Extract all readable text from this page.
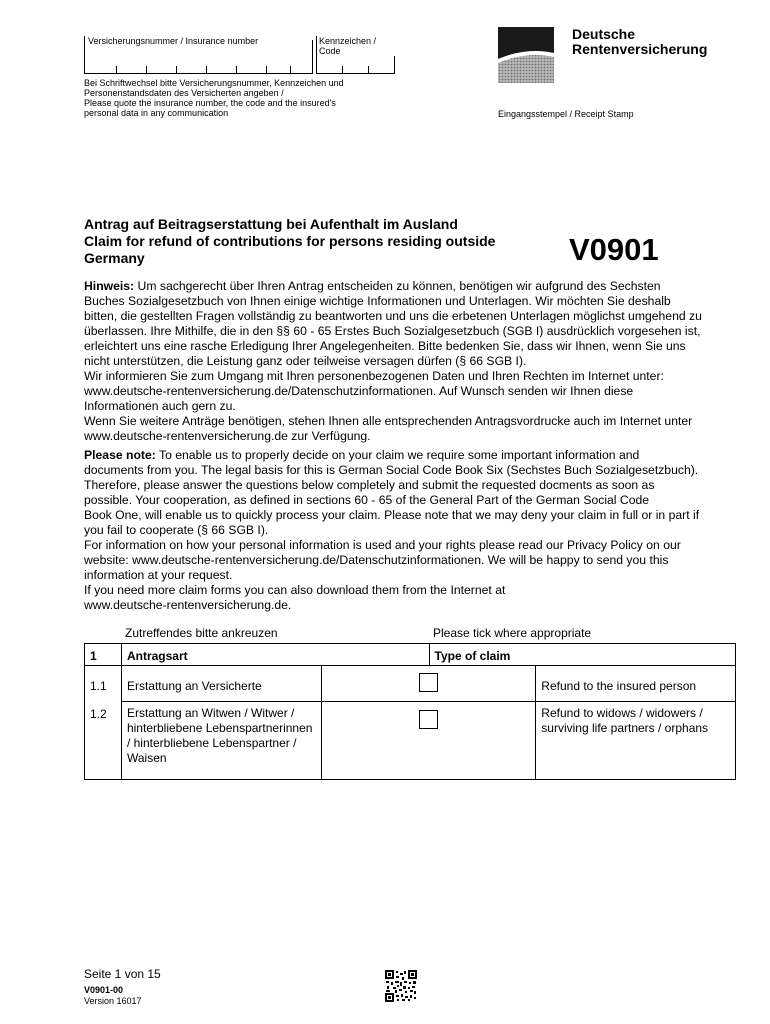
Versicherungsnummer / Insurance number	Kennzeichen / Code
Bei Schriftwechsel bitte Versicherungsnummer, Kennzeichen und
Personenstandsdaten des Versicherten angeben /
Please quote the insurance number, the code and the insured's
personal data in any communication
Deutsche
Rentenversicherung
Eingangsstempel / Receipt Stamp
Antrag auf Beitragserstattung bei Aufenthalt im Ausland
Claim for refund of contributions for persons residing outside
Germany	V0901

Hinweis: Um sachgerecht über Ihren Antrag entscheiden zu können, benötigen wir aufgrund des Sechsten

Buches Sozialgesetzbuch von Ihnen einige wichtige Informationen und Unterlagen. Wir möchten Sie deshalb

bitten, die gestellten Fragen vollständig zu beantworten und uns die erbetenen Unterlagen möglichst umgehend zu

überlassen. Ihre Mithilfe, die in den §§ 60 - 65 Erstes Buch Sozialgesetzbuch (SGB I) ausdrücklich vorgesehen ist,

erleichtert uns eine rasche Erledigung Ihrer Angelegenheiten. Bitte bedenken Sie, dass wir Ihnen, wenn Sie uns

nicht unterstützen, die Leistung ganz oder teilweise versagen dürfen (§ 66 SGB I).

Wir informieren Sie zum Umgang mit Ihren personenbezogenen Daten und Ihren Rechten im Internet unter:

www.deutsche-rentenversicherung.de/Datenschutzinformationen. Auf Wunsch senden wir Ihnen diese

Informationen auch gern zu.

Wenn Sie weitere Anträge benötigen, stehen Ihnen alle entsprechenden Antragsvordrucke auch im Internet unter

www.deutsche-rentenversicherung.de zur Verfügung.

Please note: To enable us to properly decide on your claim we require some important information and

documents from you. The legal basis for this is German Social Code Book Six (Sechstes Buch Sozialgesetzbuch).

Therefore, please answer the questions below completely and submit the requested docments as soon as

possible. Your cooperation, as defined in sections 60 - 65 of the General Part of the German Social Code

Book One, will enable us to quickly process your claim. Please note that we may deny your claim in full or in part if

you fail to cooperate (§ 66 SGB I).

For information on how your personal information is used and your rights please read our Privacy Policy on our

website: www.deutsche-rentenversicherung.de/Datenschutzinformationen. We will be happy to send you this

information at your request.

If you need more claim forms you can also download them from the Internet at

www.deutsche-rentenversicherung.de.

Zutreffendes bitte ankreuzen	Please tick where appropriate
1	Antragsart		Type of claim	
1.1	Erstattung an Versicherte			Refund to the insured person
1.2	Erstattung an Witwen / Witwer / hinterbliebene Lebenspartnerinnen / hinterbliebene Lebenspartner / Waisen			Refund to widows / widowers / surviving life partners / orphans
Seite 1 von 15
V0901-00
Version 16017
